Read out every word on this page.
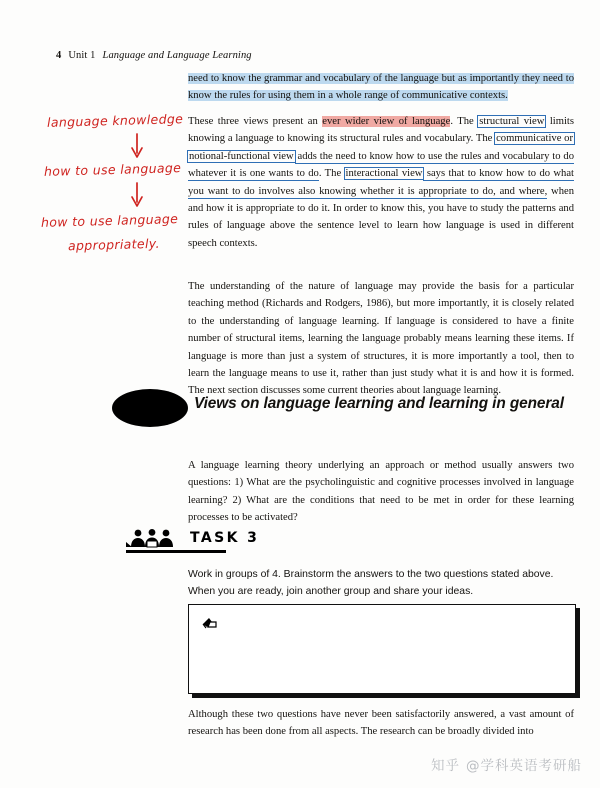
4 Unit 1 Language and Language Learning

need to know the grammar and vocabulary of the language but as importantly they need to know the rules for using them in a whole range of communicative contexts.

These three views present an ever wider view of language. The structural view limits knowing a language to knowing its structural rules and vocabulary. The communicative or notional-functional view adds the need to know how to use the rules and vocabulary to do whatever it is one wants to do. The interactional view says that to know how to do what you want to do involves also knowing whether it is appropriate to do, and where, when and how it is appropriate to do it. In order to know this, you have to study the patterns and rules of language above the sentence level to learn how language is used in different speech contexts.

The understanding of the nature of language may provide the basis for a particular teaching method (Richards and Rodgers, 1986), but more importantly, it is closely related to the understanding of language learning. If language is considered to have a finite number of structural items, learning the language probably means learning these items. If language is more than just a system of structures, it is more importantly a tool, then to learn the language means to use it, rather than just study what it is and how it is formed. The next section discusses some current theories about language learning.

language knowledge
how to use language
how to use language
appropriately.
Views on language learning and learning in general

A language learning theory underlying an approach or method usually answers two questions: 1) What are the psycholinguistic and cognitive processes involved in language learning? 2) What are the conditions that need to be met in order for these learning processes to be activated?

TASK 3

Work in groups of 4. Brainstorm the answers to the two questions stated above. When you are ready, join another group and share your ideas.

Although these two questions have never been satisfactorily answered, a vast amount of research has been done from all aspects. The research can be broadly divided into

知乎 @学科英语考研船
